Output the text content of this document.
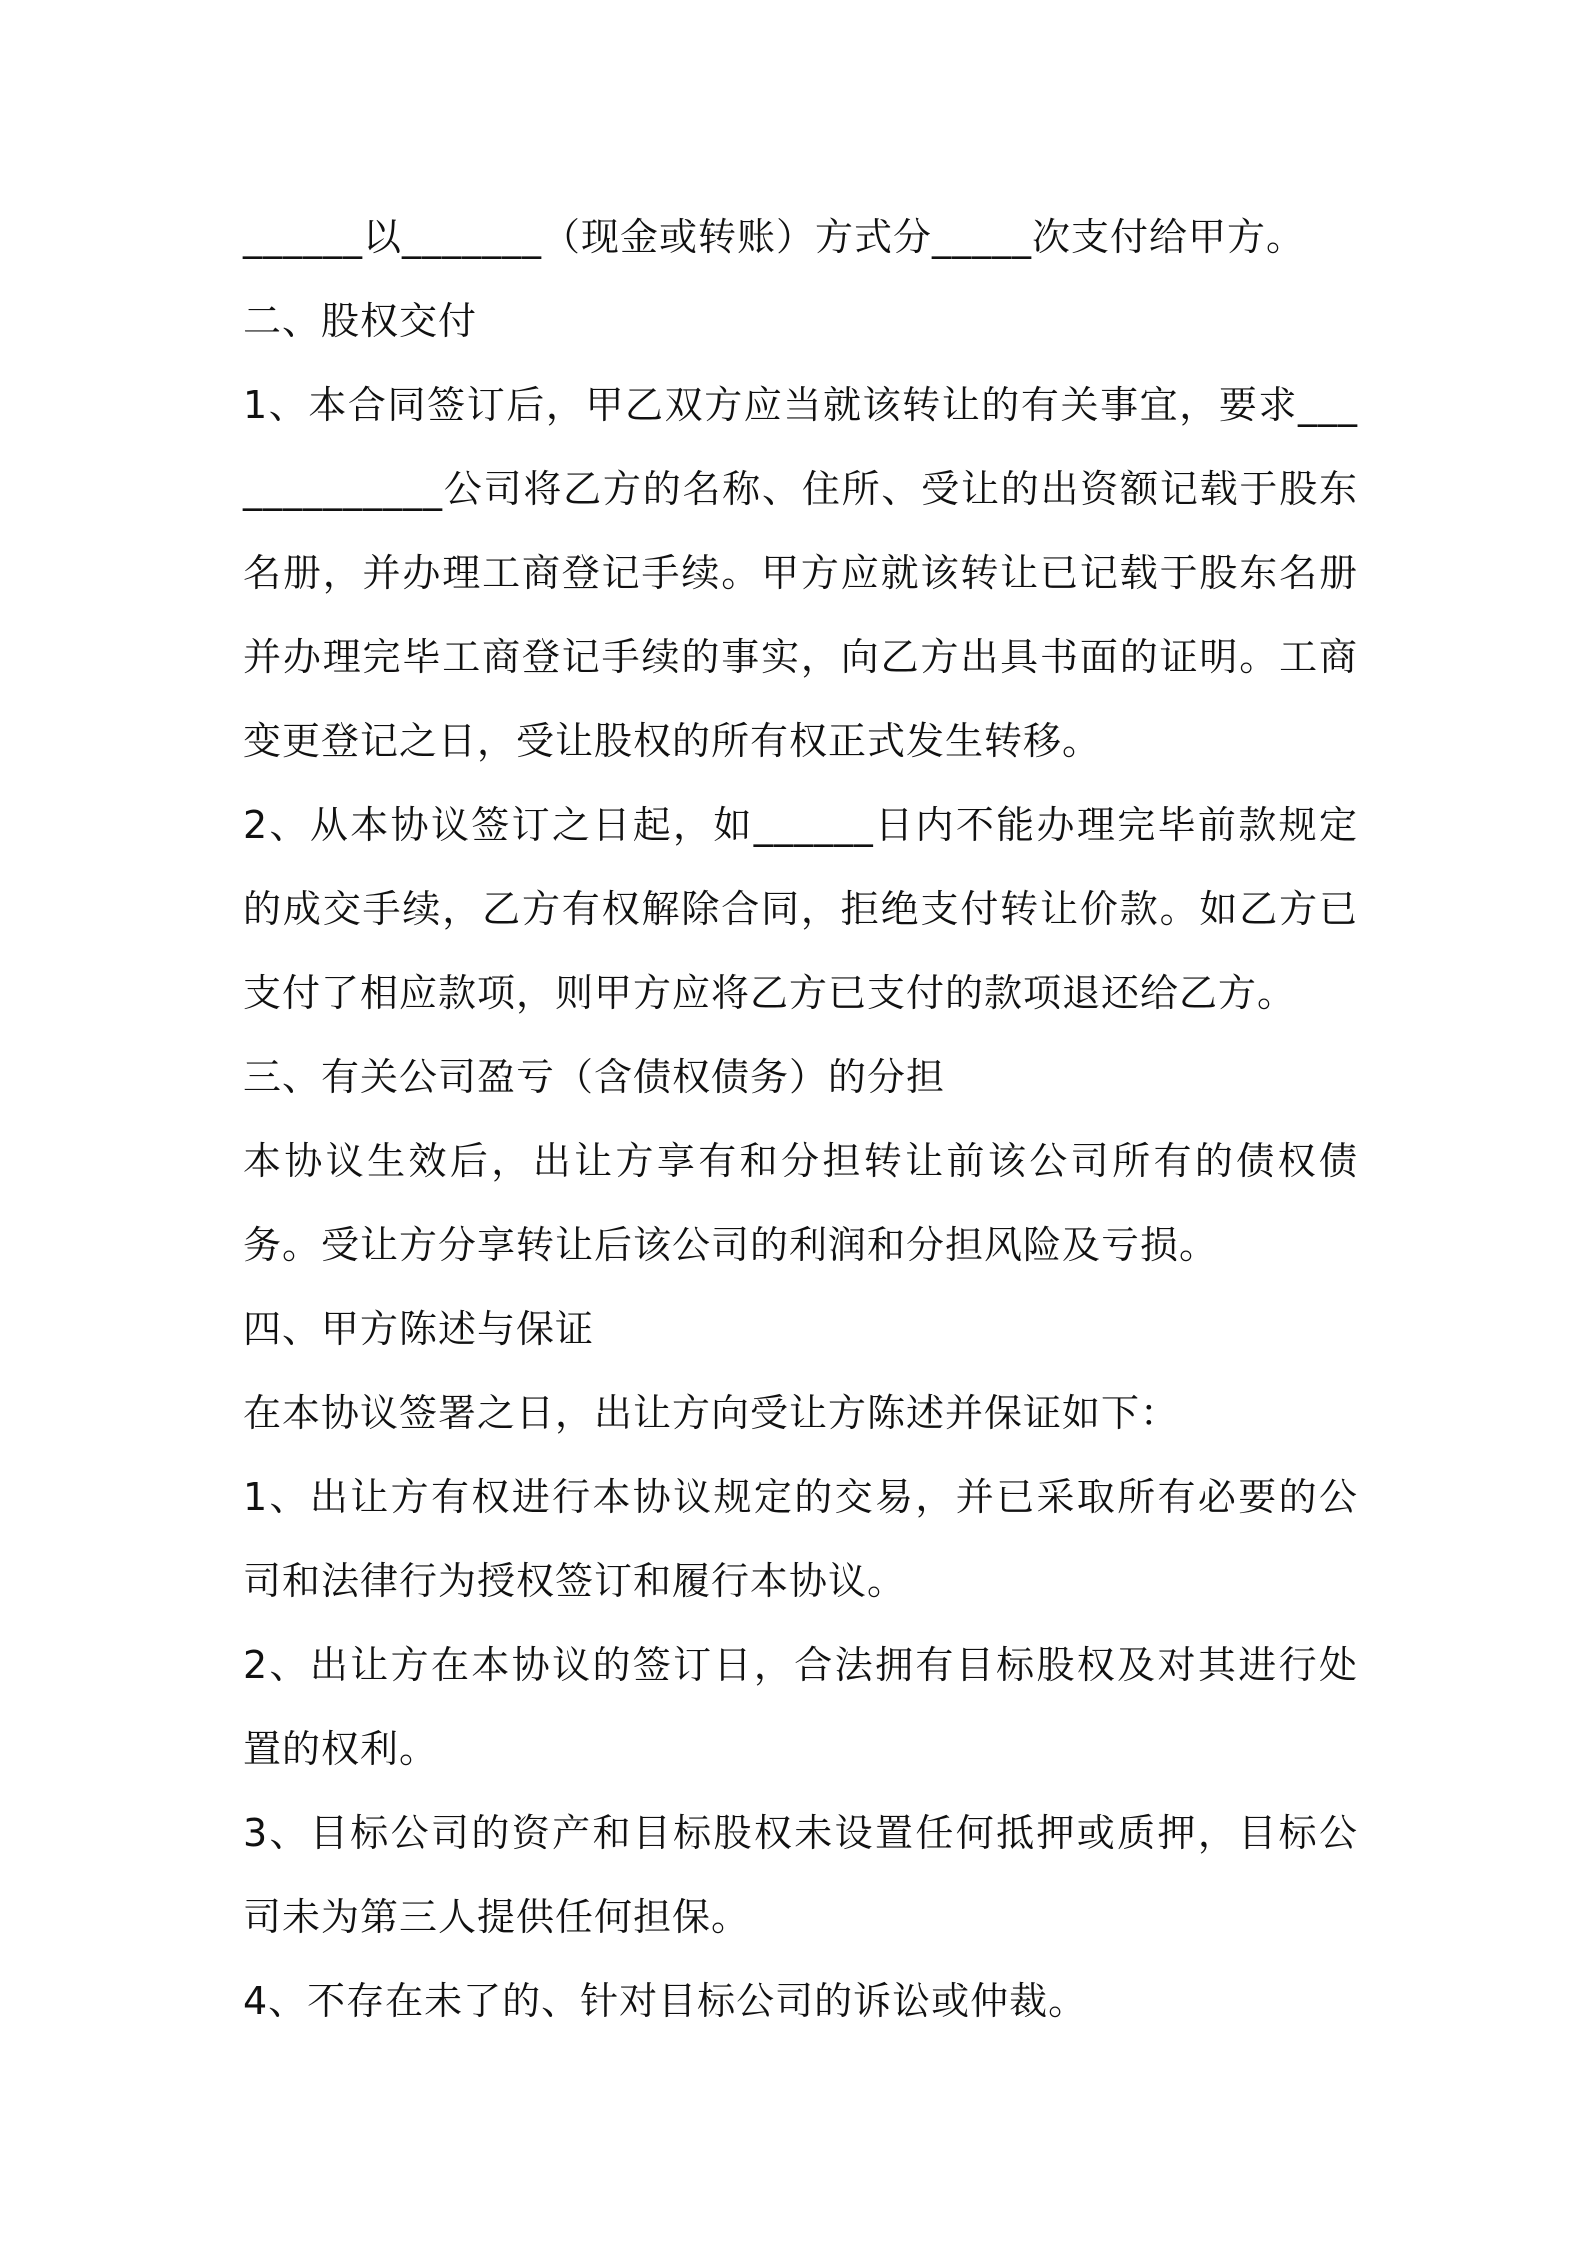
______以_______（现金或转账）方式分_____次支付给甲方。

二、股权交付

1、本合同签订后，甲乙双方应当就该转让的有关事宜，要求_____________公司将乙方的名称、住所、受让的出资额记载于股东名册，并办理工商登记手续。甲方应就该转让已记载于股东名册并办理完毕工商登记手续的事实，向乙方出具书面的证明。工商变更登记之日，受让股权的所有权正式发生转移。

2、从本协议签订之日起，如______日内不能办理完毕前款规定的成交手续，乙方有权解除合同，拒绝支付转让价款。如乙方已支付了相应款项，则甲方应将乙方已支付的款项退还给乙方。

三、有关公司盈亏（含债权债务）的分担

本协议生效后，出让方享有和分担转让前该公司所有的债权债务。受让方分享转让后该公司的利润和分担风险及亏损。

四、甲方陈述与保证

在本协议签署之日，出让方向受让方陈述并保证如下：

1、出让方有权进行本协议规定的交易，并已采取所有必要的公司和法律行为授权签订和履行本协议。

2、出让方在本协议的签订日，合法拥有目标股权及对其进行处置的权利。

3、目标公司的资产和目标股权未设置任何抵押或质押，目标公司未为第三人提供任何担保。

4、不存在未了的、针对目标公司的诉讼或仲裁。
